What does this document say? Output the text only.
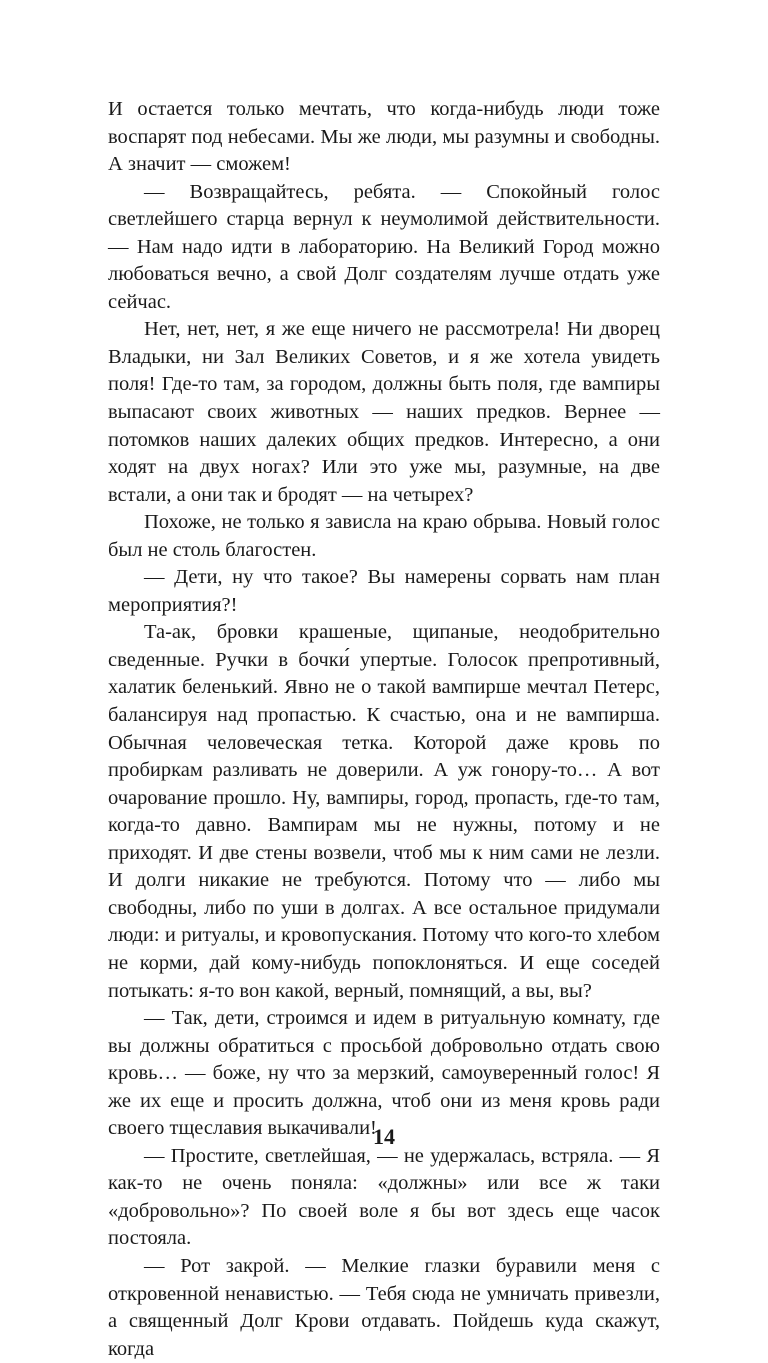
И остается только мечтать, что когда-нибудь люди тоже воспарят под небесами. Мы же люди, мы разумны и свободны. А значит — сможем!

— Возвращайтесь, ребята. — Спокойный голос светлейшего старца вернул к неумолимой действительности. — Нам надо идти в лабораторию. На Великий Город можно любоваться вечно, а свой Долг создателям лучше отдать уже сейчас.

Нет, нет, нет, я же еще ничего не рассмотрела! Ни дворец Владыки, ни Зал Великих Советов, и я же хотела увидеть поля! Где-то там, за городом, должны быть поля, где вампиры выпасают своих животных — наших предков. Вернее — потомков наших далеких общих предков. Интересно, а они ходят на двух ногах? Или это уже мы, разумные, на две встали, а они так и бродят — на четырех?

Похоже, не только я зависла на краю обрыва. Новый голос был не столь благостен.

— Дети, ну что такое? Вы намерены сорвать нам план мероприятия?!

Та-ак, бровки крашеные, щипаные, неодобрительно сведенные. Ручки в бочки́ упертые. Голосок препротивный, халатик беленький. Явно не о такой вампирше мечтал Петерс, балансируя над пропастью. К счастью, она и не вампирша. Обычная человеческая тетка. Которой даже кровь по пробиркам разливать не доверили. А уж гонору-то… А вот очарование прошло. Ну, вампиры, город, пропасть, где-то там, когда-то давно. Вампирам мы не нужны, потому и не приходят. И две стены возвели, чтоб мы к ним сами не лезли. И долги никакие не требуются. Потому что — либо мы свободны, либо по уши в долгах. А все остальное придумали люди: и ритуалы, и кровопускания. Потому что кого-то хлебом не корми, дай кому-нибудь попоклоняться. И еще соседей потыкать: я-то вон какой, верный, помнящий, а вы, вы?

— Так, дети, строимся и идем в ритуальную комнату, где вы должны обратиться с просьбой добровольно отдать свою кровь… — боже, ну что за мерзкий, самоуверенный голос! Я же их еще и просить должна, чтоб они из меня кровь ради своего тщеславия выкачивали!

— Простите, светлейшая, — не удержалась, встряла. — Я как-то не очень поняла: «должны» или все ж таки «добровольно»? По своей воле я бы вот здесь еще часок постояла.

— Рот закрой. — Мелкие глазки буравили меня с откровенной ненавистью. — Тебя сюда не умничать привезли, а священный Долг Крови отдавать. Пойдешь куда скажут, когда

14
